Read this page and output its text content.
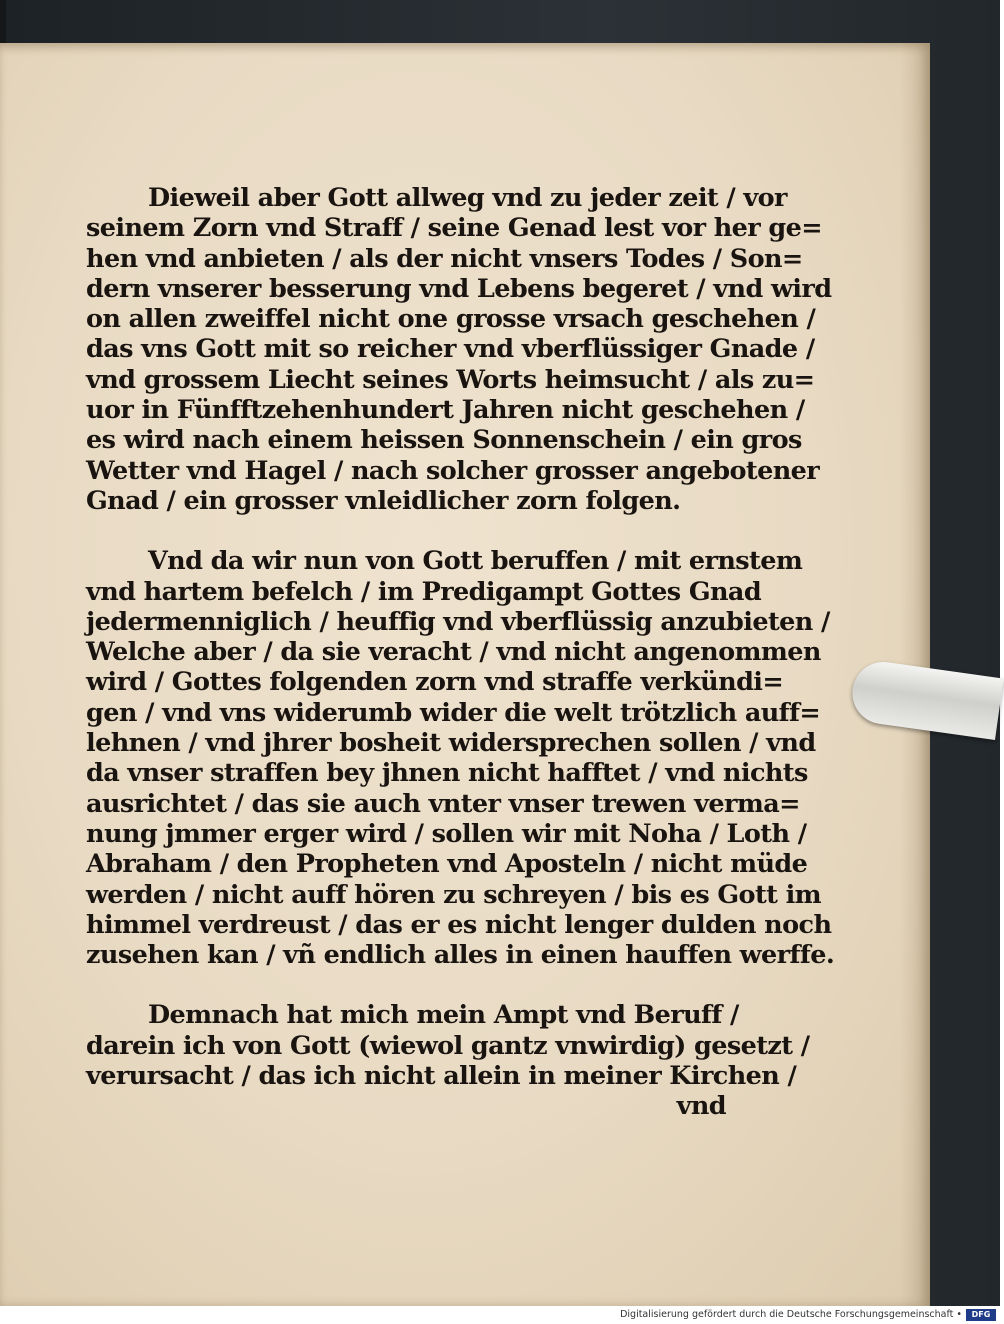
Dieweil aber Gott allweg vnd zu jeder zeit / vor
seinem Zorn vnd Straff / seine Genad lest vor her ge=
hen vnd anbieten / als der nicht vnsers Todes / Son=
dern vnserer besserung vnd Lebens begeret / vnd wird
on allen zweiffel nicht one grosse vrsach geschehen /
das vns Gott mit so reicher vnd vberflüssiger Gnade /
vnd grossem Liecht seines Worts heimsucht / als zu=
uor in Fünfftzehenhundert Jahren nicht geschehen /
es wird nach einem heissen Sonnenschein / ein gros
Wetter vnd Hagel / nach solcher grosser angebotener
Gnad / ein grosser vnleidlicher zorn folgen.
Vnd da wir nun von Gott beruffen / mit ernstem
vnd hartem befelch / im Predigampt Gottes Gnad
jedermenniglich / heuffig vnd vberflüssig anzubieten /
Welche aber / da sie veracht / vnd nicht angenommen
wird / Gottes folgenden zorn vnd straffe verkündi=
gen / vnd vns widerumb wider die welt trötzlich auff=
lehnen / vnd jhrer bosheit widersprechen sollen / vnd
da vnser straffen bey jhnen nicht hafftet / vnd nichts
ausrichtet / das sie auch vnter vnser trewen verma=
nung jmmer erger wird / sollen wir mit Noha / Loth /
Abraham / den Propheten vnd Aposteln / nicht müde
werden / nicht auff hören zu schreyen / bis es Gott im
himmel verdreust / das er es nicht lenger dulden noch
zusehen kan / vñ endlich alles in einen hauffen werffe.
Demnach hat mich mein Ampt vnd Beruff /
darein ich von Gott (wiewol gantz vnwirdig) gesetzt /
verursacht / das ich nicht allein in meiner Kirchen /
vnd
Digitalisierung gefördert durch die Deutsche Forschungsgemeinschaft •	DFG
